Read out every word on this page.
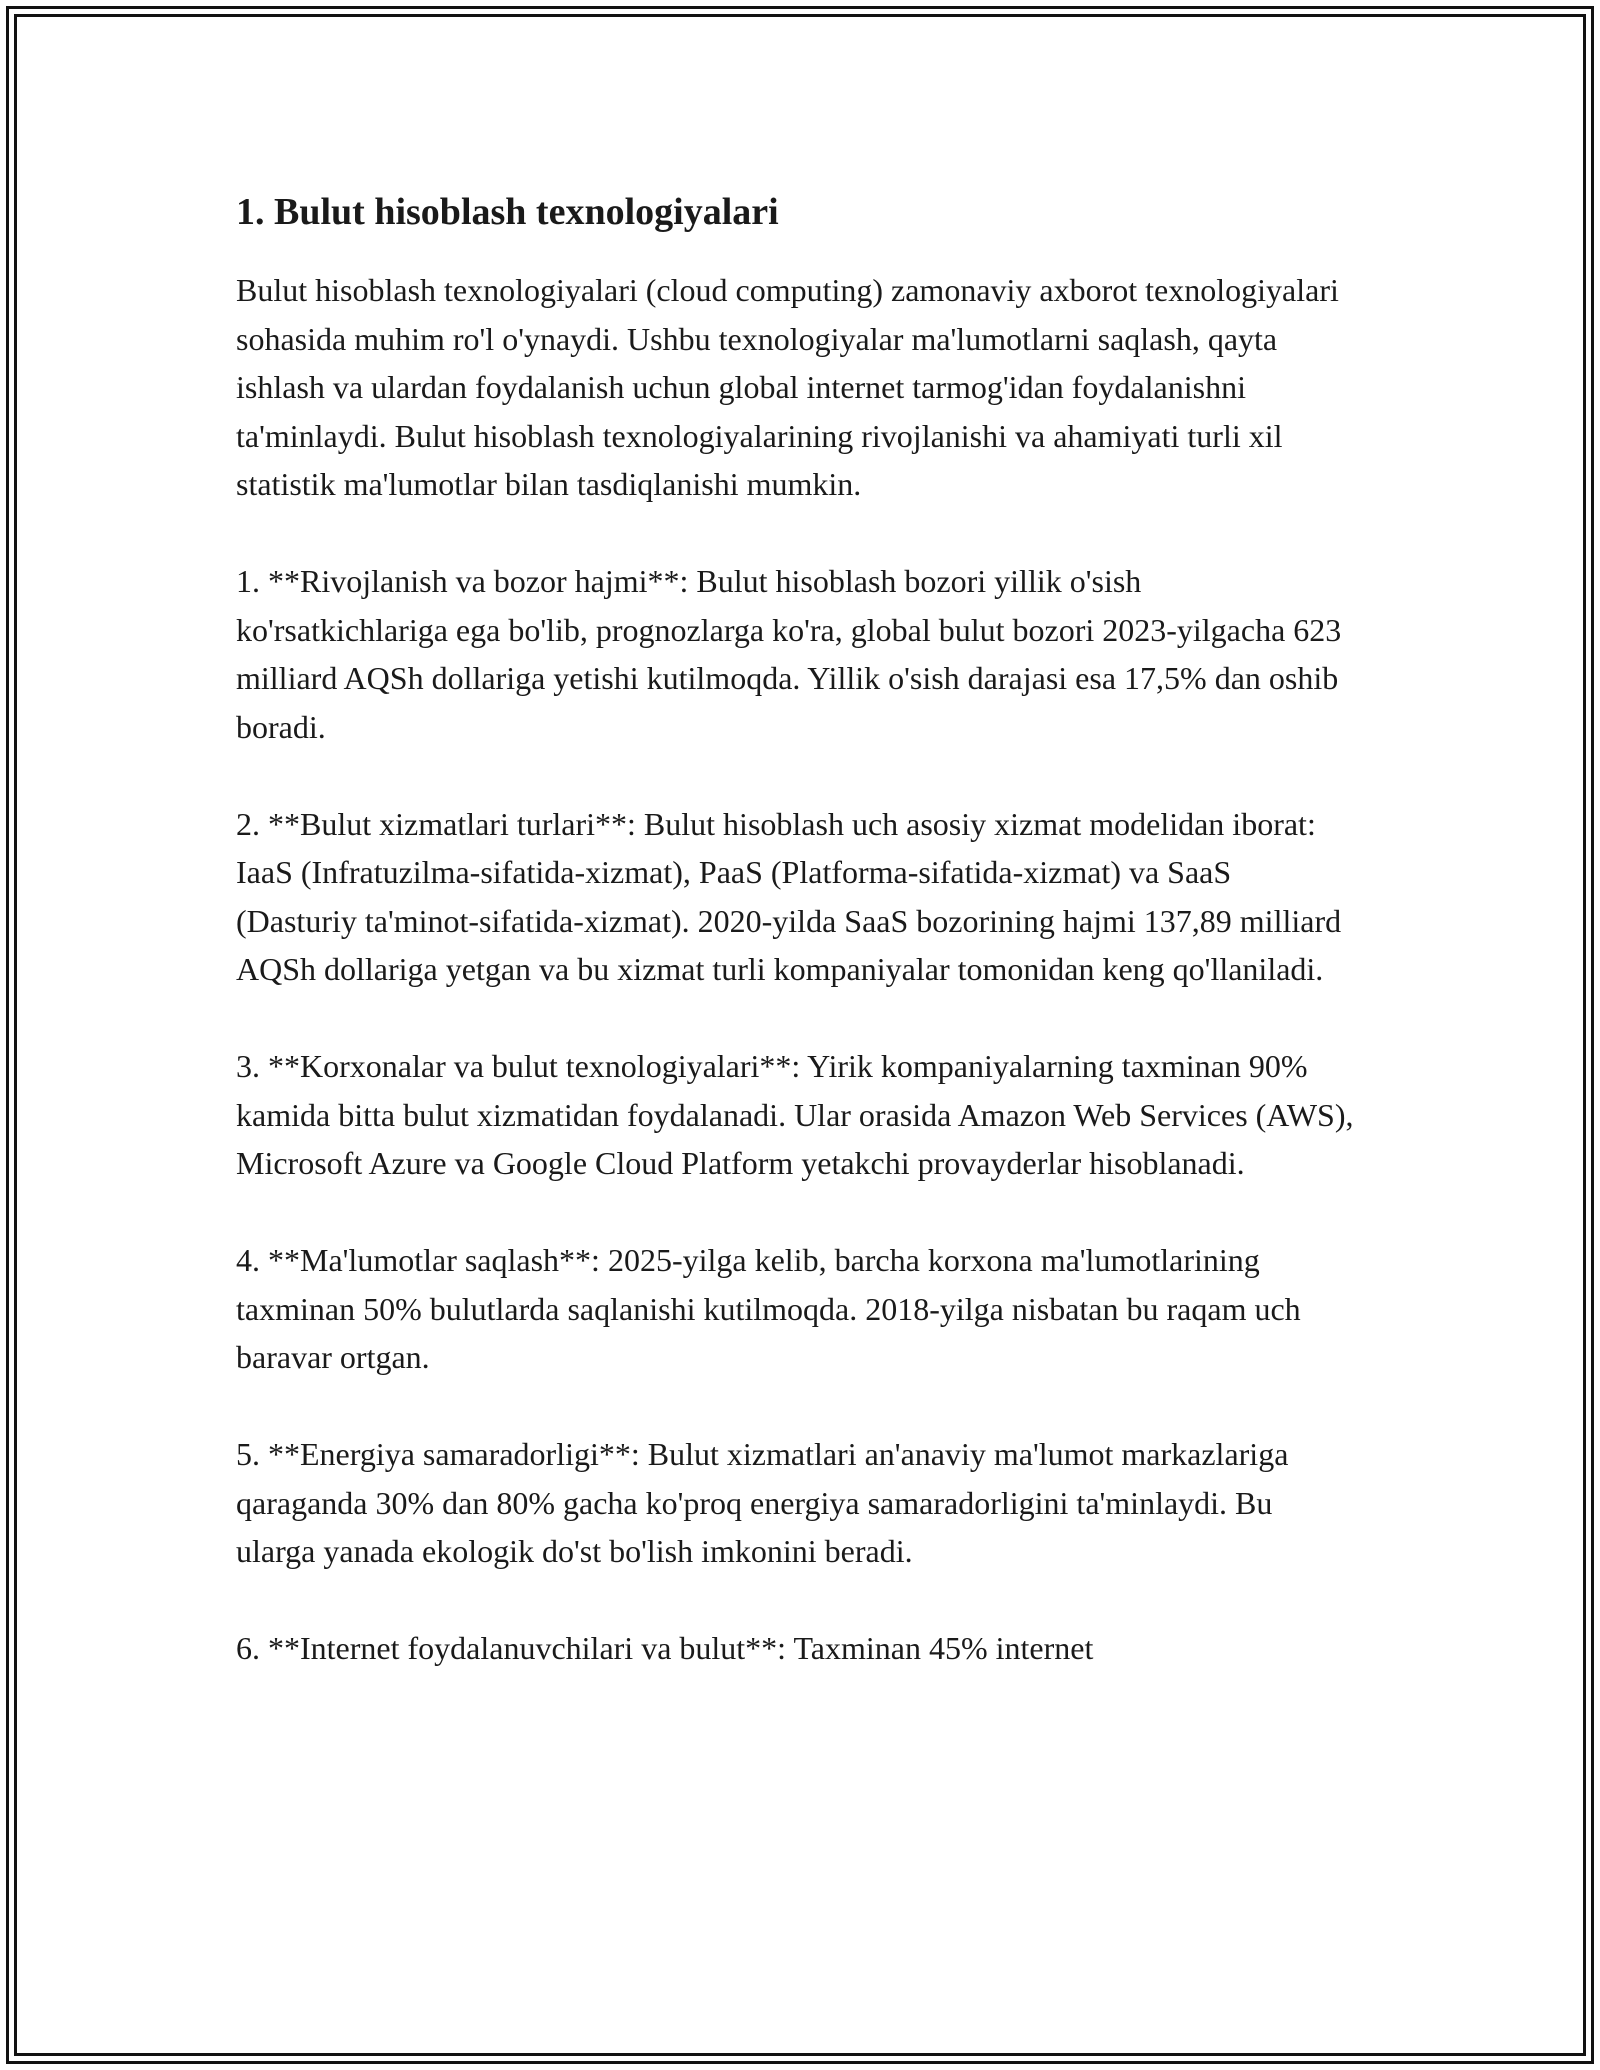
1. Bulut hisoblash texnologiyalari

Bulut hisoblash texnologiyalari (cloud computing) zamonaviy axborot texnologiyalari sohasida muhim ro'l o'ynaydi. Ushbu texnologiyalar ma'lumotlarni saqlash, qayta ishlash va ulardan foydalanish uchun global internet tarmog'idan foydalanishni ta'minlaydi. Bulut hisoblash texnologiyalarining rivojlanishi va ahamiyati turli xil statistik ma'lumotlar bilan tasdiqlanishi mumkin.

1. **Rivojlanish va bozor hajmi**: Bulut hisoblash bozori yillik o'sish ko'rsatkichlariga ega bo'lib, prognozlarga ko'ra, global bulut bozori 2023-yilgacha 623 milliard AQSh dollariga yetishi kutilmoqda. Yillik o'sish darajasi esa 17,5% dan oshib boradi.

2. **Bulut xizmatlari turlari**: Bulut hisoblash uch asosiy xizmat modelidan iborat: IaaS (Infratuzilma-sifatida-xizmat), PaaS (Platforma-sifatida-xizmat) va SaaS (Dasturiy ta'minot-sifatida-xizmat). 2020-yilda SaaS bozorining hajmi 137,89 milliard AQSh dollariga yetgan va bu xizmat turli kompaniyalar tomonidan keng qo'llaniladi.

3. **Korxonalar va bulut texnologiyalari**: Yirik kompaniyalarning taxminan 90% kamida bitta bulut xizmatidan foydalanadi. Ular orasida Amazon Web Services (AWS), Microsoft Azure va Google Cloud Platform yetakchi provayderlar hisoblanadi.

4. **Ma'lumotlar saqlash**: 2025-yilga kelib, barcha korxona ma'lumotlarining taxminan 50% bulutlarda saqlanishi kutilmoqda. 2018-yilga nisbatan bu raqam uch baravar ortgan.

5. **Energiya samaradorligi**: Bulut xizmatlari an'anaviy ma'lumot markazlariga qaraganda 30% dan 80% gacha ko'proq energiya samaradorligini ta'minlaydi. Bu ularga yanada ekologik do'st bo'lish imkonini beradi.

6. **Internet foydalanuvchilari va bulut**: Taxminan 45% internet
